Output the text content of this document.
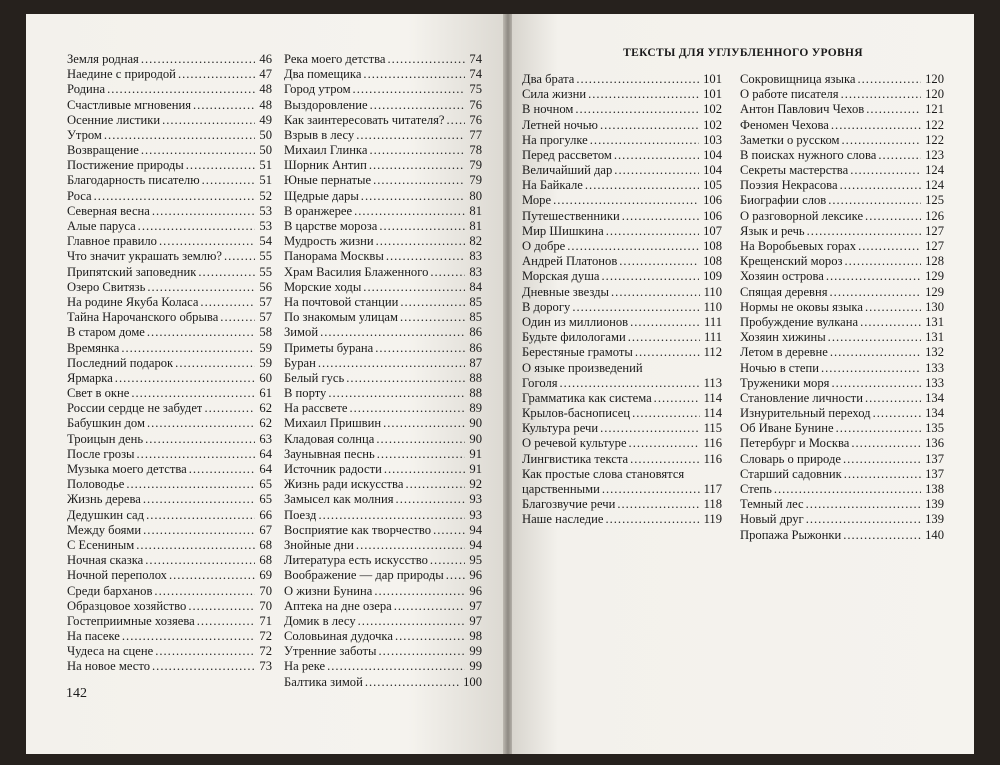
Земля родная .....	46
Наедине с природой .....	47
Родина .....	48
Счастливые мгновения .....	48
Осенние листики .....	49
Утром .....	50
Возвращение .....	50
Постижение природы .....	51
Благодарность писателю .....	51
Роса .....	52
Северная весна .....	53
Алые паруса .....	53
Главное правило .....	54
Что значит украшать землю? .....	55
Припятский заповедник .....	55
Озеро Свитязь .....	56
На родине Якуба Коласа .....	57
Тайна Нарочанского обрыва .....	57
В старом доме .....	58
Времянка .....	59
Последний подарок .....	59
Ярмарка .....	60
Свет в окне .....	61
России сердце не забудет .....	62
Бабушкин дом .....	62
Троицын день .....	63
После грозы .....	64
Музыка моего детства .....	64
Половодье .....	65
Жизнь дерева .....	65
Дедушкин сад .....	66
Между боями .....	67
С Есениным .....	68
Ночная сказка .....	68
Ночной переполох .....	69
Среди барханов .....	70
Образцовое хозяйство .....	70
Гостеприимные хозяева .....	71
На пасеке .....	72
Чудеса на сцене .....	72
На новое место .....	73
Река моего детства .....	74
Два помещика .....	74
Город утром .....	75
Выздоровление .....	76
Как заинтересовать читателя? ..... 76
Взрыв в лесу .....	77
Михаил Глинка .....	78
Шорник Антип .....	79
Юные пернатые .....	79
Щедрые дары .....	80
В оранжерее .....	81
В царстве мороза .....	81
Мудрость жизни .....	82
Панорама Москвы .....	83
Храм Василия Блаженного .....	83
Морские ходы .....	84
На почтовой станции .....	85
По знакомым улицам .....	85
Зимой .....	86
Приметы бурана .....	86
Буран .....	87
Белый гусь .....	88
В порту .....	88
На рассвете .....	89
Михаил Пришвин .....	90
Кладовая солнца .....	90
Заунывная песнь .....	91
Источник радости .....	91
Жизнь ради искусства .....	92
Замысел как молния .....	93
Поезд .....	93
Восприятие как творчество .....	94
Знойные дни .....	94
Литература есть искусство .....	95
Воображение — дар природы ..... 96
О жизни Бунина .....	96
Аптека на дне озера .....	97
Домик в лесу .....	97
Соловьиная дудочка .....	98
Утренние заботы .....	99
На реке .....	99
Балтика зимой .....	100
142
ТЕКСТЫ ДЛЯ УГЛУБЛЕННОГО УРОВНЯ
Два брата .....	101
Сила жизни .....	101
В ночном .....	102
Летней ночью .....	102
На прогулке .....	103
Перед рассветом .....	104
Величайший дар .....	104
На Байкале .....	105
Море .....	106
Путешественники .....	106
Мир Шишкина .....	107
О добре .....	108
Андрей Платонов .....	108
Морская душа .....	109
Дневные звезды .....	110
В дорогу .....	110
Один из миллионов .....	111
Будьте филологами .....	111
Берестяные грамоты .....	112
О языке произведений
Гоголя .....	113
Грамматика как система .....	114
Крылов-баснописец .....	114
Культура речи .....	115
О речевой культуре .....	116
Лингвистика текста .....	116
Как простые слова становятся
царственными .....	117
Благозвучие речи .....	118
Наше наследие .....	119
Сокровищница языка .....	120
О работе писателя .....	120
Антон Павлович Чехов .....	121
Феномен Чехова .....	122
Заметки о русском .....	122
В поисках нужного слова .....	123
Секреты мастерства .....	124
Поэзия Некрасова .....	124
Биографии слов .....	125
О разговорной лексике .....	126
Язык и речь .....	127
На Воробьевых горах .....	127
Крещенский мороз .....	128
Хозяин острова .....	129
Спящая деревня .....	129
Нормы не оковы языка .....	130
Пробуждение вулкана .....	131
Хозяин хижины .....	131
Летом в деревне .....	132
Ночью в степи .....	133
Труженики моря .....	133
Становление личности .....	134
Изнурительный переход .....	134
Об Иване Бунине .....	135
Петербург и Москва .....	136
Словарь о природе .....	137
Старший садовник .....	137
Степь .....	138
Темный лес .....	139
Новый друг .....	139
Пропажа Рыжонки .....	140
